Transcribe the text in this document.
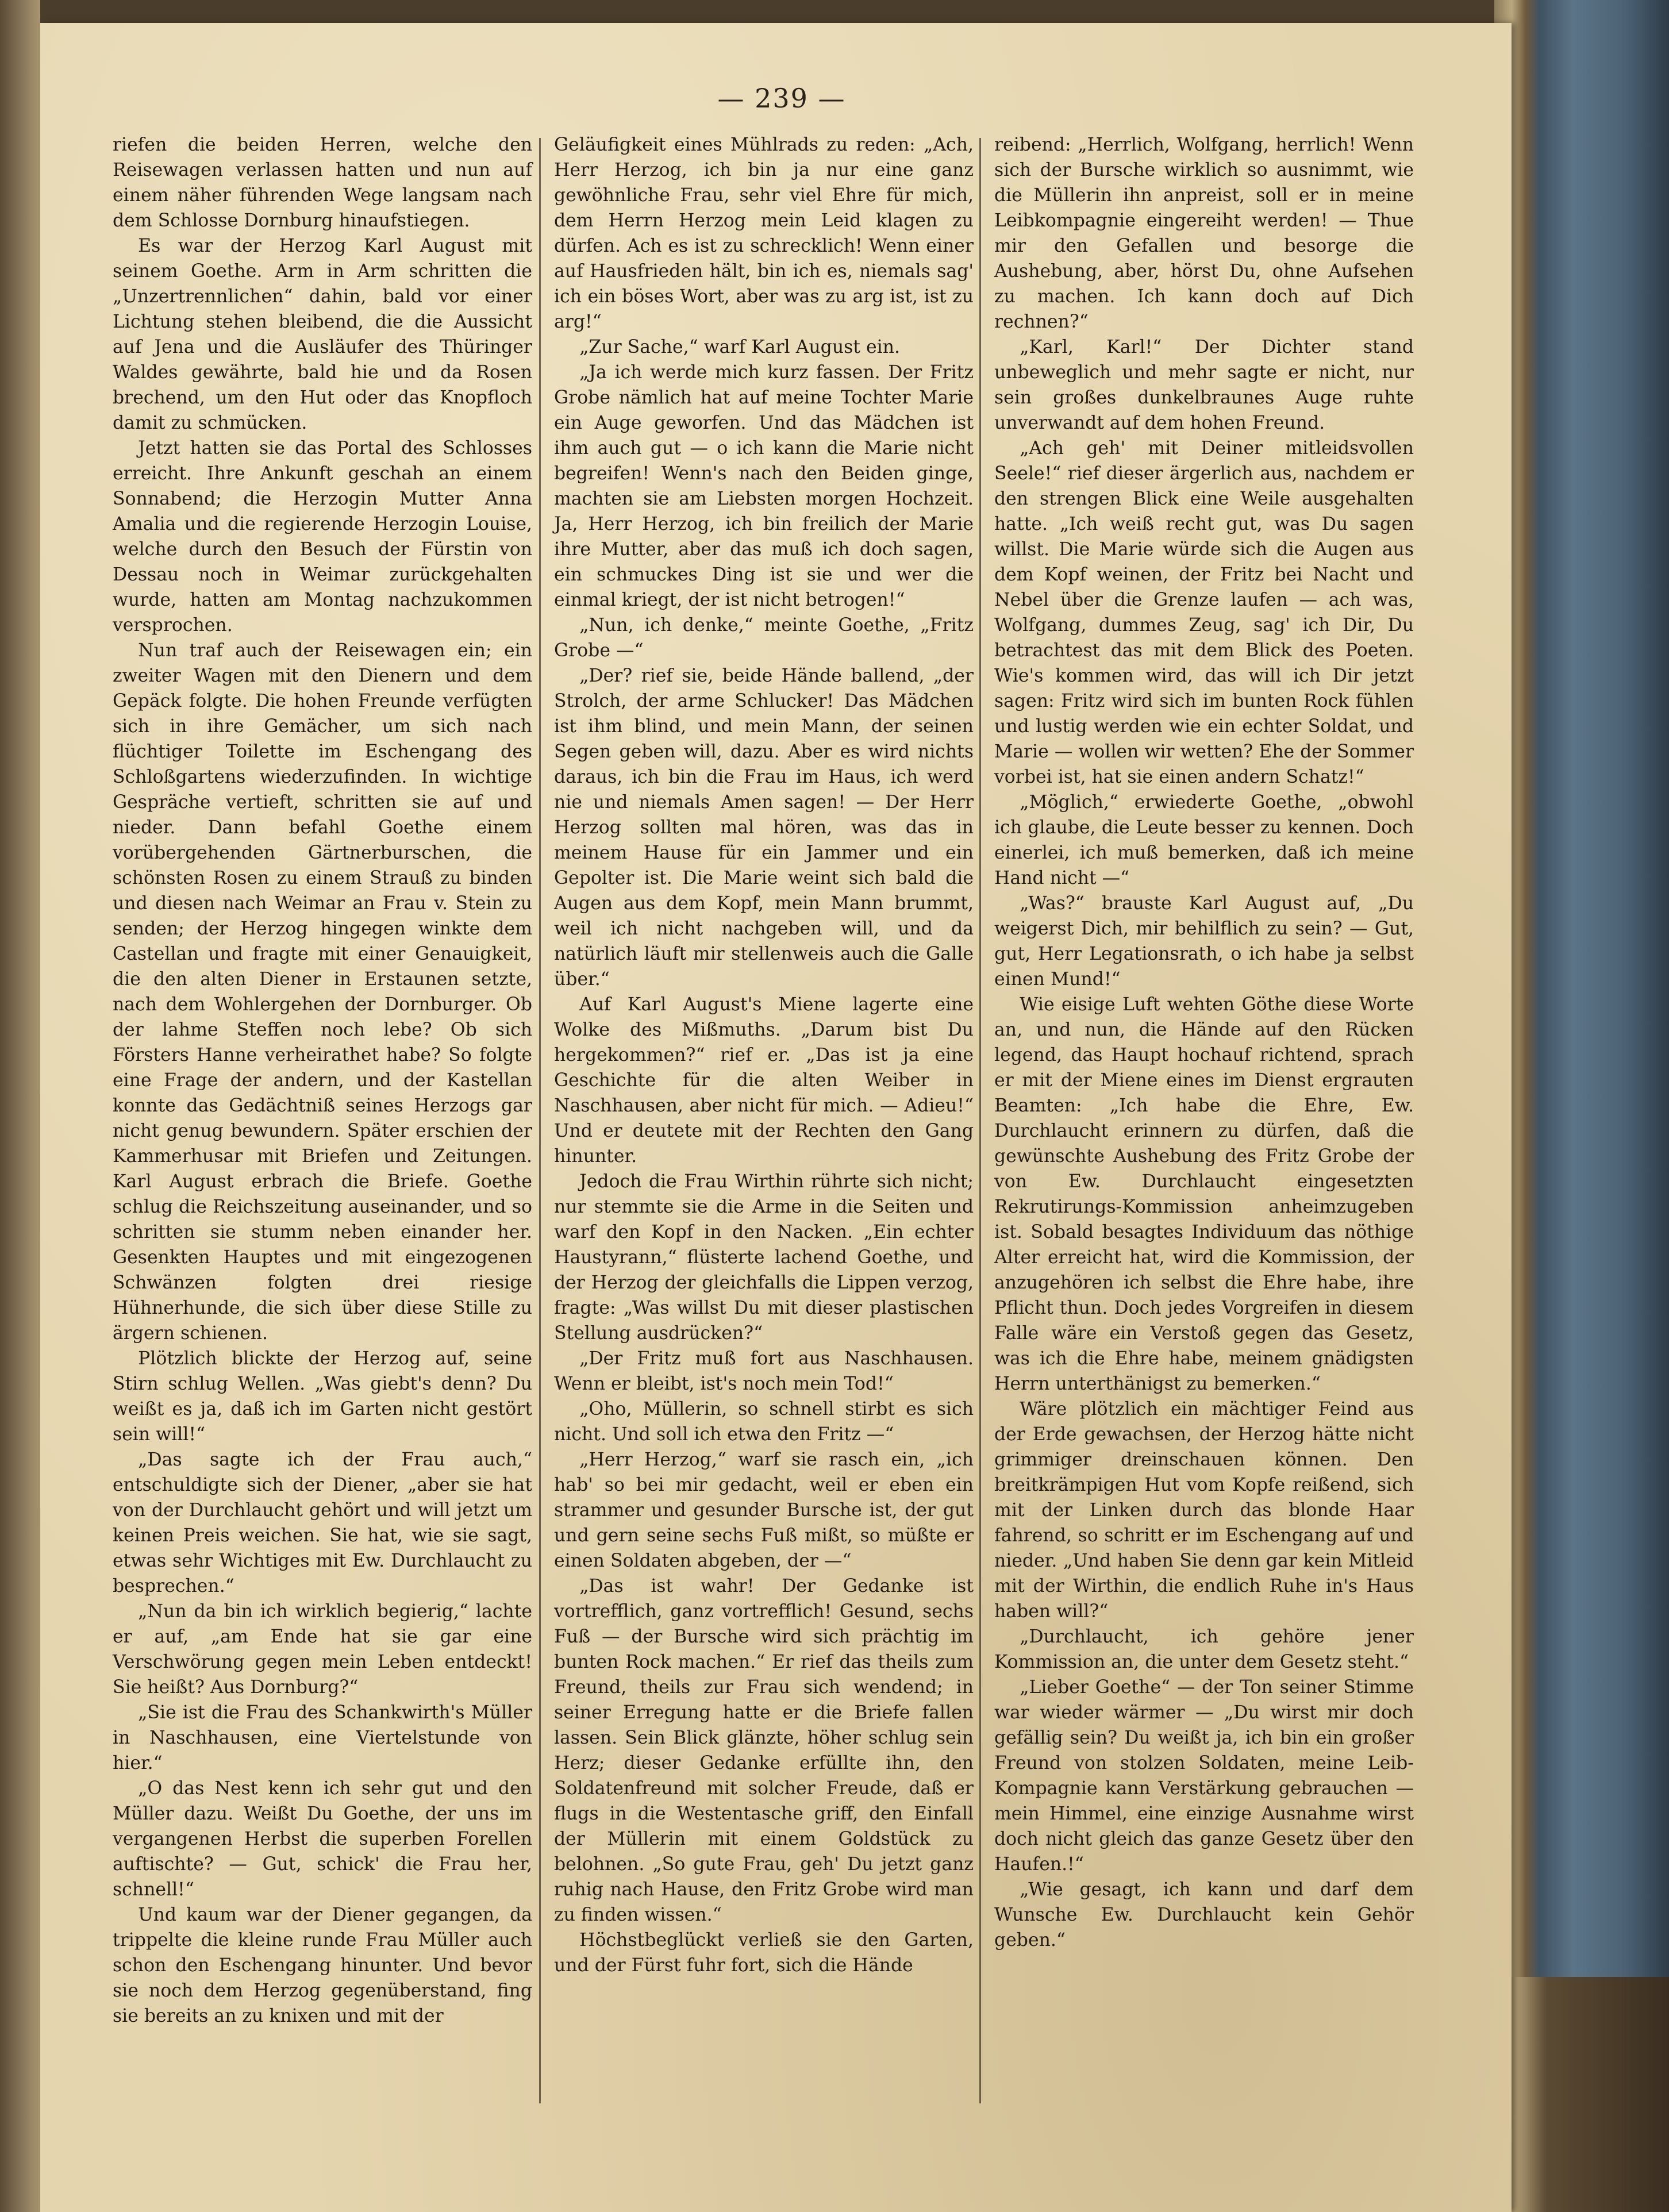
— 239 —

riefen die beiden Herren, welche den Reisewagen verlassen hatten und nun auf einem näher führenden Wege langsam nach dem Schlosse Dornburg hinaufstiegen.

Es war der Herzog Karl August mit seinem Goethe. Arm in Arm schritten die „Unzertrennlichen“ dahin, bald vor einer Lichtung stehen bleibend, die die Aussicht auf Jena und die Ausläufer des Thüringer Waldes gewährte, bald hie und da Rosen brechend, um den Hut oder das Knopfloch damit zu schmücken.

Jetzt hatten sie das Portal des Schlosses erreicht. Ihre Ankunft geschah an einem Sonnabend; die Herzogin Mutter Anna Amalia und die regierende Herzogin Louise, welche durch den Besuch der Fürstin von Dessau noch in Weimar zurückgehalten wurde, hatten am Montag nachzukommen versprochen.

Nun traf auch der Reisewagen ein; ein zweiter Wagen mit den Dienern und dem Gepäck folgte. Die hohen Freunde verfügten sich in ihre Gemächer, um sich nach flüchtiger Toilette im Eschengang des Schloßgartens wiederzufinden. In wichtige Gespräche vertieft, schritten sie auf und nieder. Dann befahl Goethe einem vorübergehenden Gärtnerburschen, die schönsten Rosen zu einem Strauß zu binden und diesen nach Weimar an Frau v. Stein zu senden; der Herzog hingegen winkte dem Castellan und fragte mit einer Genauigkeit, die den alten Diener in Erstaunen setzte, nach dem Wohlergehen der Dornburger. Ob der lahme Steffen noch lebe? Ob sich Försters Hanne verheirathet habe? So folgte eine Frage der andern, und der Kastellan konnte das Gedächtniß seines Herzogs gar nicht genug bewundern. Später erschien der Kammerhusar mit Briefen und Zeitungen. Karl August erbrach die Briefe. Goethe schlug die Reichszeitung auseinander, und so schritten sie stumm neben einander her. Gesenkten Hauptes und mit eingezogenen Schwänzen folgten drei riesige Hühnerhunde, die sich über diese Stille zu ärgern schienen.

Plötzlich blickte der Herzog auf, seine Stirn schlug Wellen. „Was giebt's denn? Du weißt es ja, daß ich im Garten nicht gestört sein will!“

„Das sagte ich der Frau auch,“ entschuldigte sich der Diener, „aber sie hat von der Durchlaucht gehört und will jetzt um keinen Preis weichen. Sie hat, wie sie sagt, etwas sehr Wichtiges mit Ew. Durchlaucht zu besprechen.“

„Nun da bin ich wirklich begierig,“ lachte er auf, „am Ende hat sie gar eine Verschwörung gegen mein Leben entdeckt! Sie heißt? Aus Dornburg?“

„Sie ist die Frau des Schankwirth's Müller in Naschhausen, eine Viertelstunde von hier.“

„O das Nest kenn ich sehr gut und den Müller dazu. Weißt Du Goethe, der uns im vergangenen Herbst die superben Forellen auftischte? — Gut, schick' die Frau her, schnell!“

Und kaum war der Diener gegangen, da trippelte die kleine runde Frau Müller auch schon den Eschengang hinunter. Und bevor sie noch dem Herzog gegenüberstand, fing sie bereits an zu knixen und mit der

Geläufigkeit eines Mühlrads zu reden: „Ach, Herr Herzog, ich bin ja nur eine ganz gewöhnliche Frau, sehr viel Ehre für mich, dem Herrn Herzog mein Leid klagen zu dürfen. Ach es ist zu schrecklich! Wenn einer auf Hausfrieden hält, bin ich es, niemals sag' ich ein böses Wort, aber was zu arg ist, ist zu arg!“

„Zur Sache,“ warf Karl August ein.

„Ja ich werde mich kurz fassen. Der Fritz Grobe nämlich hat auf meine Tochter Marie ein Auge geworfen. Und das Mädchen ist ihm auch gut — o ich kann die Marie nicht begreifen! Wenn's nach den Beiden ginge, machten sie am Liebsten morgen Hochzeit. Ja, Herr Herzog, ich bin freilich der Marie ihre Mutter, aber das muß ich doch sagen, ein schmuckes Ding ist sie und wer die einmal kriegt, der ist nicht betrogen!“

„Nun, ich denke,“ meinte Goethe, „Fritz Grobe —“

„Der? rief sie, beide Hände ballend, „der Strolch, der arme Schlucker! Das Mädchen ist ihm blind, und mein Mann, der seinen Segen geben will, dazu. Aber es wird nichts daraus, ich bin die Frau im Haus, ich werd nie und niemals Amen sagen! — Der Herr Herzog sollten mal hören, was das in meinem Hause für ein Jammer und ein Gepolter ist. Die Marie weint sich bald die Augen aus dem Kopf, mein Mann brummt, weil ich nicht nachgeben will, und da natürlich läuft mir stellenweis auch die Galle über.“

Auf Karl August's Miene lagerte eine Wolke des Mißmuths. „Darum bist Du hergekommen?“ rief er. „Das ist ja eine Geschichte für die alten Weiber in Naschhausen, aber nicht für mich. — Adieu!“ Und er deutete mit der Rechten den Gang hinunter.

Jedoch die Frau Wirthin rührte sich nicht; nur stemmte sie die Arme in die Seiten und warf den Kopf in den Nacken. „Ein echter Haustyrann,“ flüsterte lachend Goethe, und der Herzog der gleichfalls die Lippen verzog, fragte: „Was willst Du mit dieser plastischen Stellung ausdrücken?“

„Der Fritz muß fort aus Naschhausen. Wenn er bleibt, ist's noch mein Tod!“

„Oho, Müllerin, so schnell stirbt es sich nicht. Und soll ich etwa den Fritz —“

„Herr Herzog,“ warf sie rasch ein, „ich hab' so bei mir gedacht, weil er eben ein strammer und gesunder Bursche ist, der gut und gern seine sechs Fuß mißt, so müßte er einen Soldaten abgeben, der —“

„Das ist wahr! Der Gedanke ist vortrefflich, ganz vortrefflich! Gesund, sechs Fuß — der Bursche wird sich prächtig im bunten Rock machen.“ Er rief das theils zum Freund, theils zur Frau sich wendend; in seiner Erregung hatte er die Briefe fallen lassen. Sein Blick glänzte, höher schlug sein Herz; dieser Gedanke erfüllte ihn, den Soldatenfreund mit solcher Freude, daß er flugs in die Westentasche griff, den Einfall der Müllerin mit einem Goldstück zu belohnen. „So gute Frau, geh' Du jetzt ganz ruhig nach Hause, den Fritz Grobe wird man zu finden wissen.“

Höchstbeglückt verließ sie den Garten, und der Fürst fuhr fort, sich die Hände

reibend: „Herrlich, Wolfgang, herrlich! Wenn sich der Bursche wirklich so ausnimmt, wie die Müllerin ihn anpreist, soll er in meine Leibkompagnie eingereiht werden! — Thue mir den Gefallen und besorge die Aushebung, aber, hörst Du, ohne Aufsehen zu machen. Ich kann doch auf Dich rechnen?“

„Karl, Karl!“ Der Dichter stand unbeweglich und mehr sagte er nicht, nur sein großes dunkelbraunes Auge ruhte unverwandt auf dem hohen Freund.

„Ach geh' mit Deiner mitleidsvollen Seele!“ rief dieser ärgerlich aus, nachdem er den strengen Blick eine Weile ausgehalten hatte. „Ich weiß recht gut, was Du sagen willst. Die Marie würde sich die Augen aus dem Kopf weinen, der Fritz bei Nacht und Nebel über die Grenze laufen — ach was, Wolfgang, dummes Zeug, sag' ich Dir, Du betrachtest das mit dem Blick des Poeten. Wie's kommen wird, das will ich Dir jetzt sagen: Fritz wird sich im bunten Rock fühlen und lustig werden wie ein echter Soldat, und Marie — wollen wir wetten? Ehe der Sommer vorbei ist, hat sie einen andern Schatz!“

„Möglich,“ erwiederte Goethe, „obwohl ich glaube, die Leute besser zu kennen. Doch einerlei, ich muß bemerken, daß ich meine Hand nicht —“

„Was?“ brauste Karl August auf, „Du weigerst Dich, mir behilflich zu sein? — Gut, gut, Herr Legationsrath, o ich habe ja selbst einen Mund!“

Wie eisige Luft wehten Göthe diese Worte an, und nun, die Hände auf den Rücken legend, das Haupt hochauf richtend, sprach er mit der Miene eines im Dienst ergrauten Beamten: „Ich habe die Ehre, Ew. Durchlaucht erinnern zu dürfen, daß die gewünschte Aushebung des Fritz Grobe der von Ew. Durchlaucht eingesetzten Rekrutirungs-Kommission anheimzugeben ist. Sobald besagtes Individuum das nöthige Alter erreicht hat, wird die Kommission, der anzugehören ich selbst die Ehre habe, ihre Pflicht thun. Doch jedes Vorgreifen in diesem Falle wäre ein Verstoß gegen das Gesetz, was ich die Ehre habe, meinem gnädigsten Herrn unterthänigst zu bemerken.“

Wäre plötzlich ein mächtiger Feind aus der Erde gewachsen, der Herzog hätte nicht grimmiger dreinschauen können. Den breitkrämpigen Hut vom Kopfe reißend, sich mit der Linken durch das blonde Haar fahrend, so schritt er im Eschengang auf und nieder. „Und haben Sie denn gar kein Mitleid mit der Wirthin, die endlich Ruhe in's Haus haben will?“

„Durchlaucht, ich gehöre jener Kommission an, die unter dem Gesetz steht.“

„Lieber Goethe“ — der Ton seiner Stimme war wieder wärmer — „Du wirst mir doch gefällig sein? Du weißt ja, ich bin ein großer Freund von stolzen Soldaten, meine Leib-Kompagnie kann Verstärkung gebrauchen — mein Himmel, eine einzige Ausnahme wirst doch nicht gleich das ganze Gesetz über den Haufen.!“

„Wie gesagt, ich kann und darf dem Wunsche Ew. Durchlaucht kein Gehör geben.“
